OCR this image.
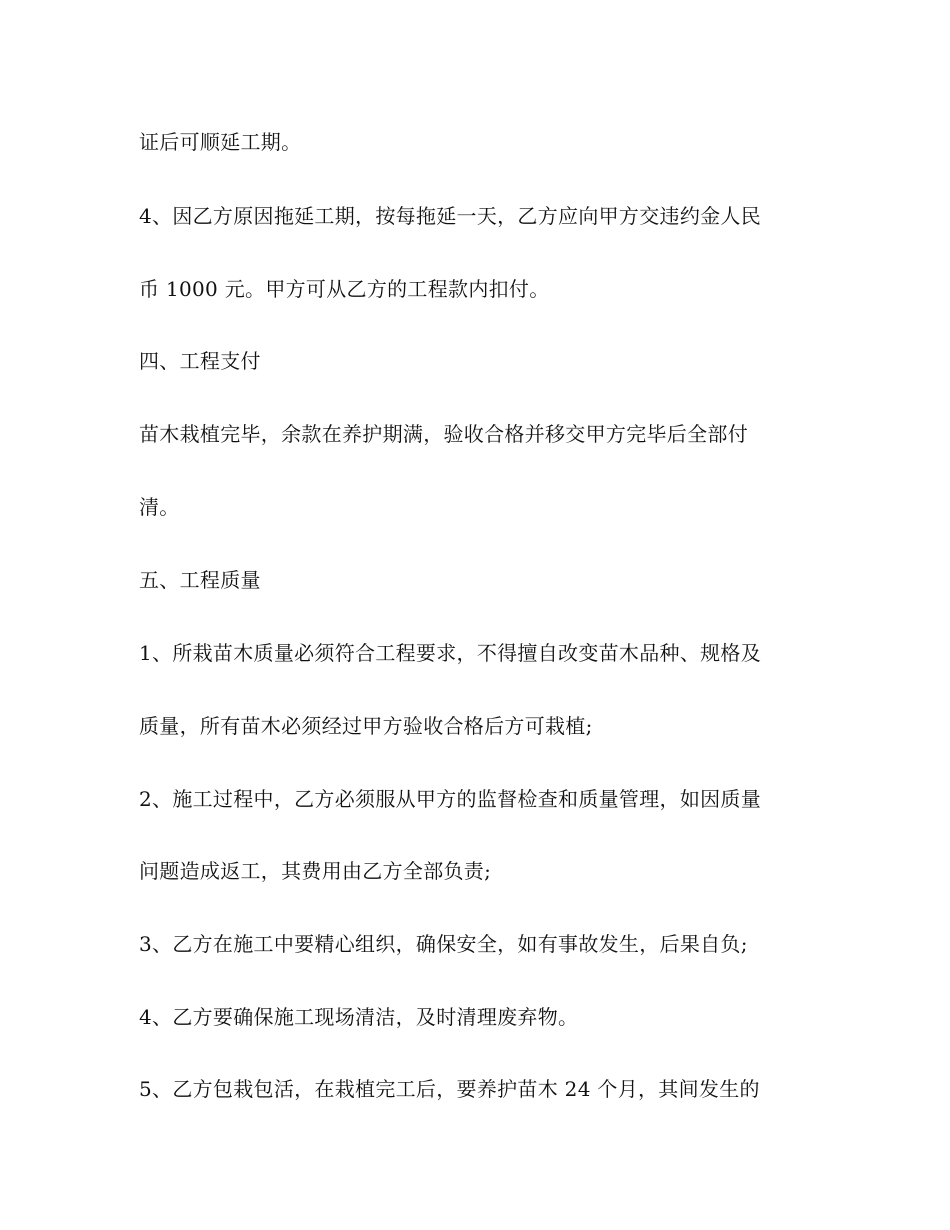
证后可顺延工期。
4、因乙方原因拖延工期，按每拖延一天，乙方应向甲方交违约金人民
币 1000 元。甲方可从乙方的工程款内扣付。
四、工程支付
苗木栽植完毕，余款在养护期满，验收合格并移交甲方完毕后全部付
清。
五、工程质量
1、所栽苗木质量必须符合工程要求，不得擅自改变苗木品种、规格及
质量，所有苗木必须经过甲方验收合格后方可栽植;
2、施工过程中，乙方必须服从甲方的监督检查和质量管理，如因质量
问题造成返工，其费用由乙方全部负责;
3、乙方在施工中要精心组织，确保安全，如有事故发生，后果自负;
4、乙方要确保施工现场清洁，及时清理废弃物。
5、乙方包栽包活，在栽植完工后，要养护苗木 24 个月，其间发生的
